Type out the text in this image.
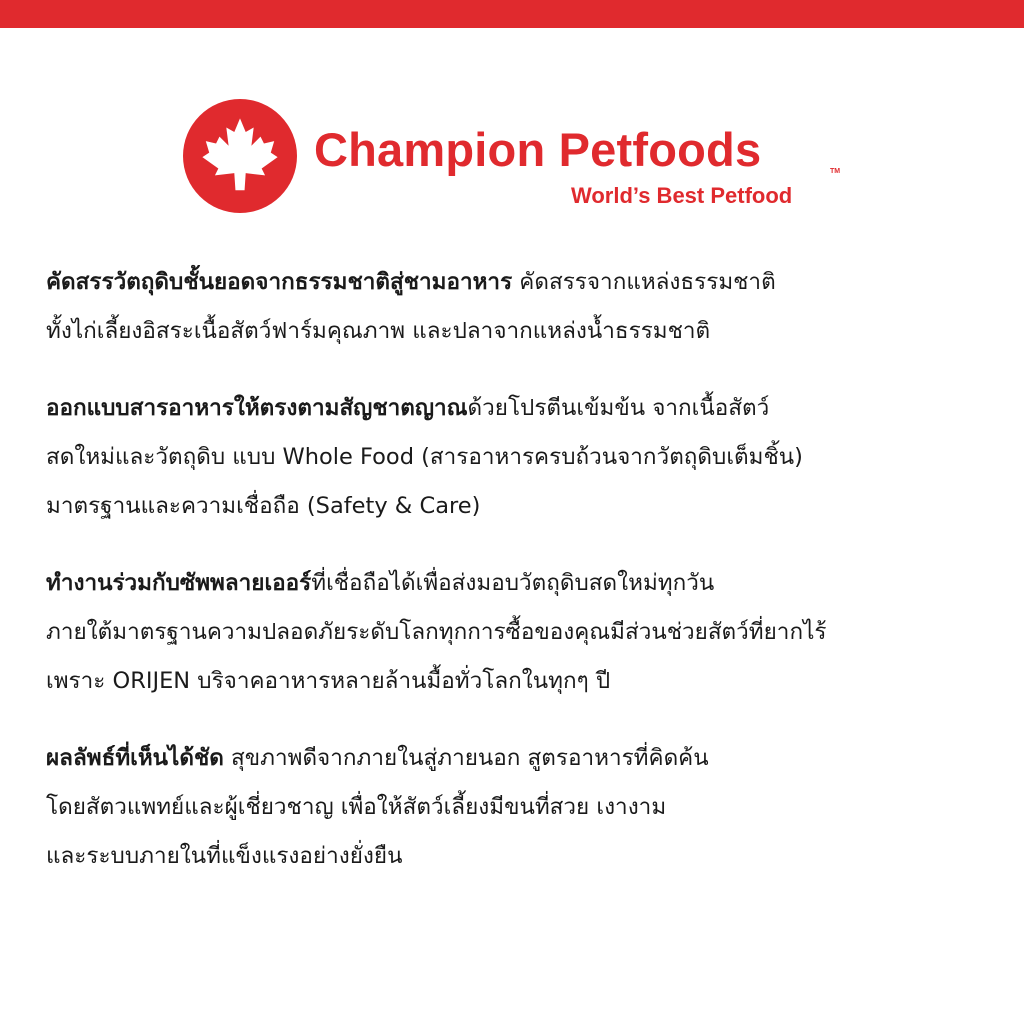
Champion Petfoods	TM
World’s Best Petfood

คัดสรรวัตถุดิบชั้นยอดจากธรรมชาติสู่ชามอาหาร คัดสรรจากแหล่งธรรมชาติ
ทั้งไก่เลี้ยงอิสระเนื้อสัตว์ฟาร์มคุณภาพ และปลาจากแหล่งน้ำธรรมชาติ

ออกแบบสารอาหารให้ตรงตามสัญชาตญาณด้วยโปรตีนเข้มข้น จากเนื้อสัตว์
สดใหม่และวัตถุดิบ แบบ Whole Food (สารอาหารครบถ้วนจากวัตถุดิบเต็มชิ้น)
มาตรฐานและความเชื่อถือ (Safety & Care)

ทำงานร่วมกับซัพพลายเออร์ที่เชื่อถือได้เพื่อส่งมอบวัตถุดิบสดใหม่ทุกวัน
ภายใต้มาตรฐานความปลอดภัยระดับโลกทุกการซื้อของคุณมีส่วนช่วยสัตว์ที่ยากไร้
เพราะ ORIJEN บริจาคอาหารหลายล้านมื้อทั่วโลกในทุกๆ ปี

ผลลัพธ์ที่เห็นได้ชัด สุขภาพดีจากภายในสู่ภายนอก สูตรอาหารที่คิดค้น
โดยสัตวแพทย์และผู้เชี่ยวชาญ เพื่อให้สัตว์เลี้ยงมีขนที่สวย เงางาม
และระบบภายในที่แข็งแรงอย่างยั่งยืน
